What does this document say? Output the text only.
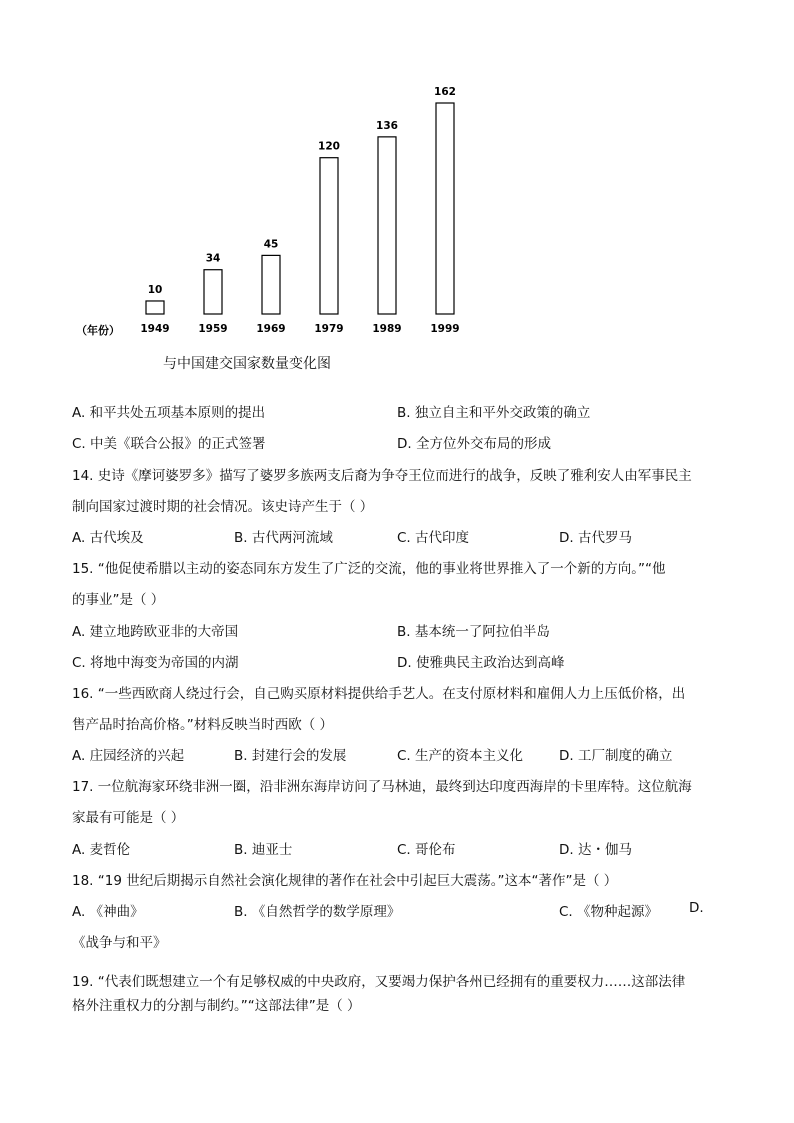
（年份）
10
1949
34
1959
45
1969
120
1979
136
1989
162
1999
与中国建交国家数量变化图
A. 和平共处五项基本原则的提出	B. 独立自主和平外交政策的确立
C. 中美《联合公报》的正式签署	D. 全方位外交布局的形成
14. 史诗《摩诃婆罗多》描写了婆罗多族两支后裔为争夺王位而进行的战争，反映了雅利安人由军事民主
制向国家过渡时期的社会情况。该史诗产生于（ ）
A. 古代埃及	B. 古代两河流域	C. 古代印度	D. 古代罗马
15. “他促使希腊以主动的姿态同东方发生了广泛的交流，他的事业将世界推入了一个新的方向。”“他
的事业”是（ ）
A. 建立地跨欧亚非的大帝国	B. 基本统一了阿拉伯半岛
C. 将地中海变为帝国的内湖	D. 使雅典民主政治达到高峰
16. “一些西欧商人绕过行会，自己购买原材料提供给手艺人。在支付原材料和雇佣人力上压低价格，出
售产品时抬高价格。”材料反映当时西欧（ ）
A. 庄园经济的兴起	B. 封建行会的发展	C. 生产的资本主义化	D. 工厂制度的确立
17. 一位航海家环绕非洲一圈，沿非洲东海岸访问了马林迪，最终到达印度西海岸的卡里库特。这位航海
家最有可能是（ ）
A. 麦哲伦	B. 迪亚士	C. 哥伦布	D. 达・伽马
18. “19 世纪后期揭示自然社会演化规律的著作在社会中引起巨大震荡。”这本“著作”是（ ）
A. 《神曲》	B. 《自然哲学的数学原理》	C. 《物种起源》 D.
《战争与和平》
19. “代表们既想建立一个有足够权威的中央政府，又要竭力保护各州已经拥有的重要权力……这部法律
格外注重权力的分割与制约。”“这部法律”是（ ）
